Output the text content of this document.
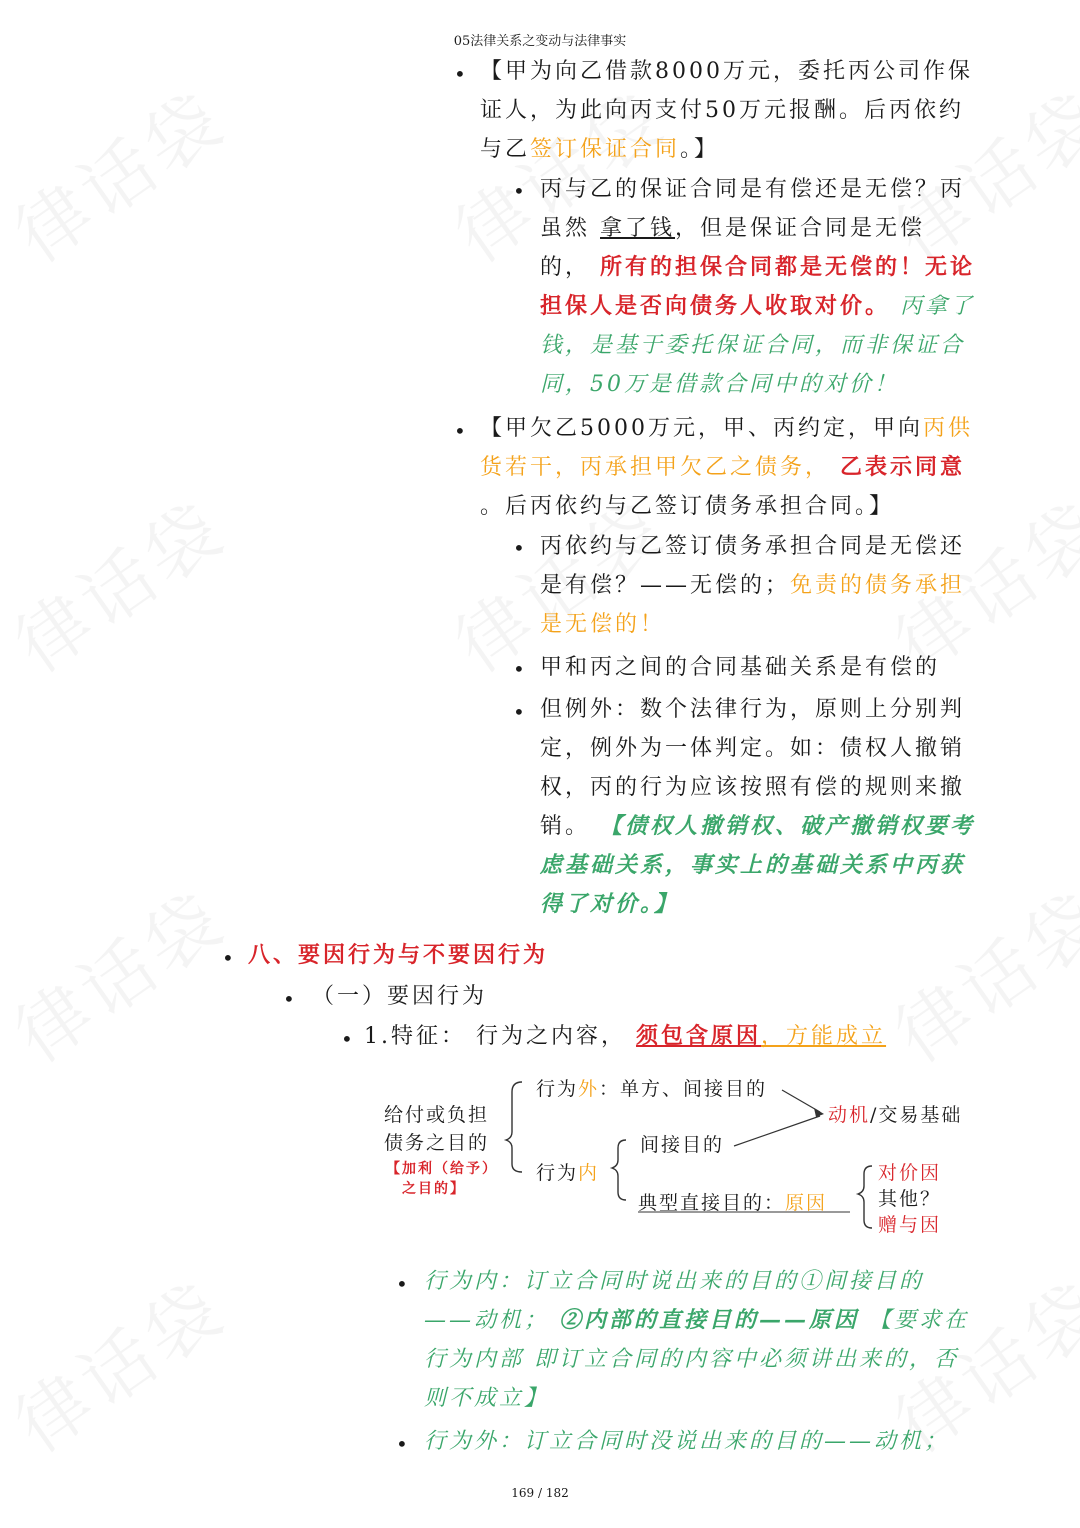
05法律关系之变动与法律事实
• 【甲为向乙借款8000万元，委托丙公司作保
证人，为此向丙支付50万元报酬。后丙依约
与乙签订保证合同。】
• 丙与乙的保证合同是有偿还是无偿？丙
虽然 拿了钱，但是保证合同是无偿
的， 所有的担保合同都是无偿的！无论
担保人是否向债务人收取对价。 丙拿了
钱，是基于委托保证合同，而非保证合
同，50万是借款合同中的对价！
• 【甲欠乙5000万元，甲、丙约定，甲向丙供
货若干，丙承担甲欠乙之债务， 乙表示同意
。后丙依约与乙签订债务承担合同。】
• 丙依约与乙签订债务承担合同是无偿还
是有偿？——无偿的；免责的债务承担
是无偿的！
• 甲和丙之间的合同基础关系是有偿的
• 但例外：数个法律行为，原则上分别判
定，例外为一体判定。如：债权人撤销
权，丙的行为应该按照有偿的规则来撤
销。 【债权人撤销权、破产撤销权要考
虑基础关系，事实上的基础关系中丙获
得了对价。】
• 八、要因行为与不要因行为
• （一）要因行为
• 1.特征： 行为之内容， 须包含原因，方能成立
给付或负担
债务之目的
【加利（给予）
之目的】
行为外：单方、间接目的
动机/交易基础
间接目的
行为内
典型直接目的：原因
对价因
其他？
赠与因
• 行为内：订立合同时说出来的目的①间接目的
——动机； ②内部的直接目的——原因 【要求在
行为内部 即订立合同的内容中必须讲出来的，否
则不成立】
• 行为外：订立合同时没说出来的目的——动机；
169 / 182
